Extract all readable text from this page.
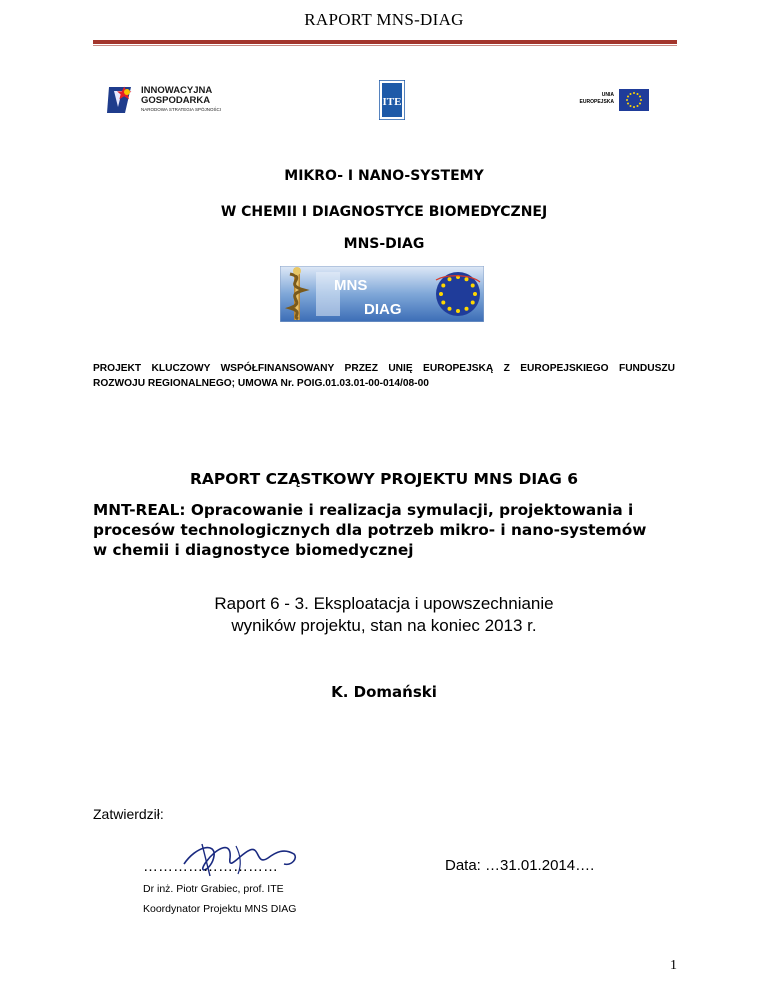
RAPORT MNS-DIAG
INNOWACYJNA
GOSPODARKA
NARODOWA STRATEGIA SPÓJNOŚCI
ITE
UNIA
EUROPEJSKA
MIKRO- I NANO-SYSTEMY
W CHEMII I DIAGNOSTYCE BIOMEDYCZNEJ
MNS-DIAG
MNS
DIAG
PROJEKT KLUCZOWY WSPÓŁFINANSOWANY PRZEZ UNIĘ EUROPEJSKĄ Z EUROPEJSKIEGO FUNDUSZU
ROZWOJU REGIONALNEGO; UMOWA Nr. POIG.01.03.01-00-014/08-00
RAPORT CZĄSTKOWY PROJEKTU MNS DIAG 6
MNT-REAL: Opracowanie i realizacja symulacji, projektowania i
procesów technologicznych dla potrzeb mikro- i nano-systemów
w chemii i diagnostyce biomedycznej
Raport 6 - 3. Eksploatacja i upowszechnianie
wyników projektu, stan na koniec 2013 r.
K. Domański
Zatwierdził:
………………………	Data: …31.01.2014….
Dr inż. Piotr Grabiec, prof. ITE
Koordynator Projektu MNS DIAG
1
